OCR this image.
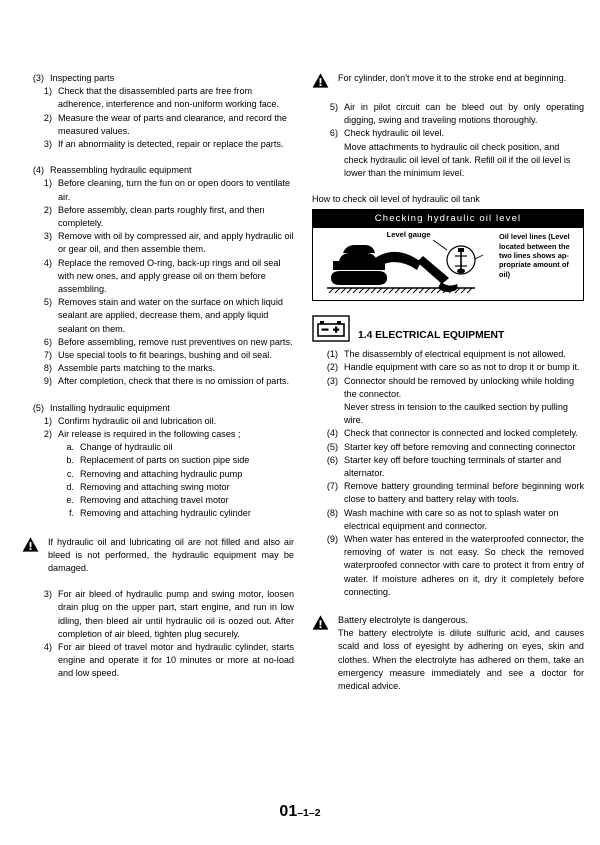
(3) Inspecting parts
1) Check that the disassembled parts are free from adherence, interference and non-uniform working face.
2) Measure the wear of parts and clearance, and record the measured values.
3) If an abnormality is detected, repair or replace the parts.
(4) Reassembling hydraulic equipment
1) Before cleaning, turn the fun on or open doors to ventilate air.
2) Before assembly, clean parts roughly first, and then completely.
3) Remove with oil by compressed air, and apply hydraulic oil or gear oil, and then assemble them.
4) Replace the removed O-ring, back-up rings and oil seal with new ones, and apply grease oil on them before assembling.
5) Removes stain and water on the surface on which liquid sealant are applied, decrease them, and apply liquid sealant on them.
6) Before assembling, remove rust preventives on new parts.
7) Use special tools to fit bearings, bushing and oil seal.
8) Assemble parts matching to the marks.
9) After completion, check that there is no omission of parts.
(5) Installing hydraulic equipment
1) Confirm hydraulic oil and lubrication oil.
2) Air release is required in the following cases ;
a. Change of hydraulic oil
b. Replacement of parts on suction pipe side
c. Removing and attaching hydraulic pump
d. Removing and attaching swing motor
e. Removing and attaching travel motor
f. Removing and attaching hydraulic cylinder
If hydraulic oil and lubricating oil are not filled and also air bleed is not performed, the hydraulic equipment may be damaged.
3) For air bleed of hydraulic pump and swing motor, loosen drain plug on the upper part, start engine, and run in low idling, then bleed air until hydraulic oil is oozed out. After completion of air bleed, tighten plug securely.
4) For air bleed of travel motor and hydraulic cylinder, starts engine and operate it for 10 minutes or more at no-load and low speed.
For cylinder, don't move it to the stroke end at beginning.
5) Air in pilot circuit can be bleed out by only operating digging, swing and traveling motions thoroughly.
6) Check hydraulic oil level.
Move attachments to hydraulic oil check position, and check hydraulic oil level of tank. Refill oil if the oil level is lower than the minimum level.
How to check oil level of hydraulic oil tank
Checking hydraulic oil level
Level gauge	Oil level lines (Level located between the two lines shows ap-propriate amount of oil)
1.4 ELECTRICAL EQUIPMENT
(1) The disassembly of electrical equipment is not allowed.
(2) Handle equipment with care so as not to drop it or bump it.
(3) Connector should be removed by unlocking while holding the connector.
Never stress in tension to the caulked section by pulling wire.
(4) Check that connector is connected and locked completely.
(5) Starter key off before removing and connecting connector
(6) Starter key off before touching terminals of starter and alternator.
(7) Remove battery grounding terminal before beginning work close to battery and battery relay with tools.
(8) Wash machine with care so as not to splash water on electrical equipment and connector.
(9) When water has entered in the waterproofed connector, the removing of water is not easy. So check the removed waterproofed connector with care to protect it from entry of water. If moisture adheres on it, dry it completely before connecting.
Battery electrolyte is dangerous.
The battery electrolyte is dilute sulfuric acid, and causes scald and loss of eyesight by adhering on eyes, skin and clothes. When the electrolyte has adhered on them, take an emergency measure immediately and see a doctor for medical advice.
01–1–2
